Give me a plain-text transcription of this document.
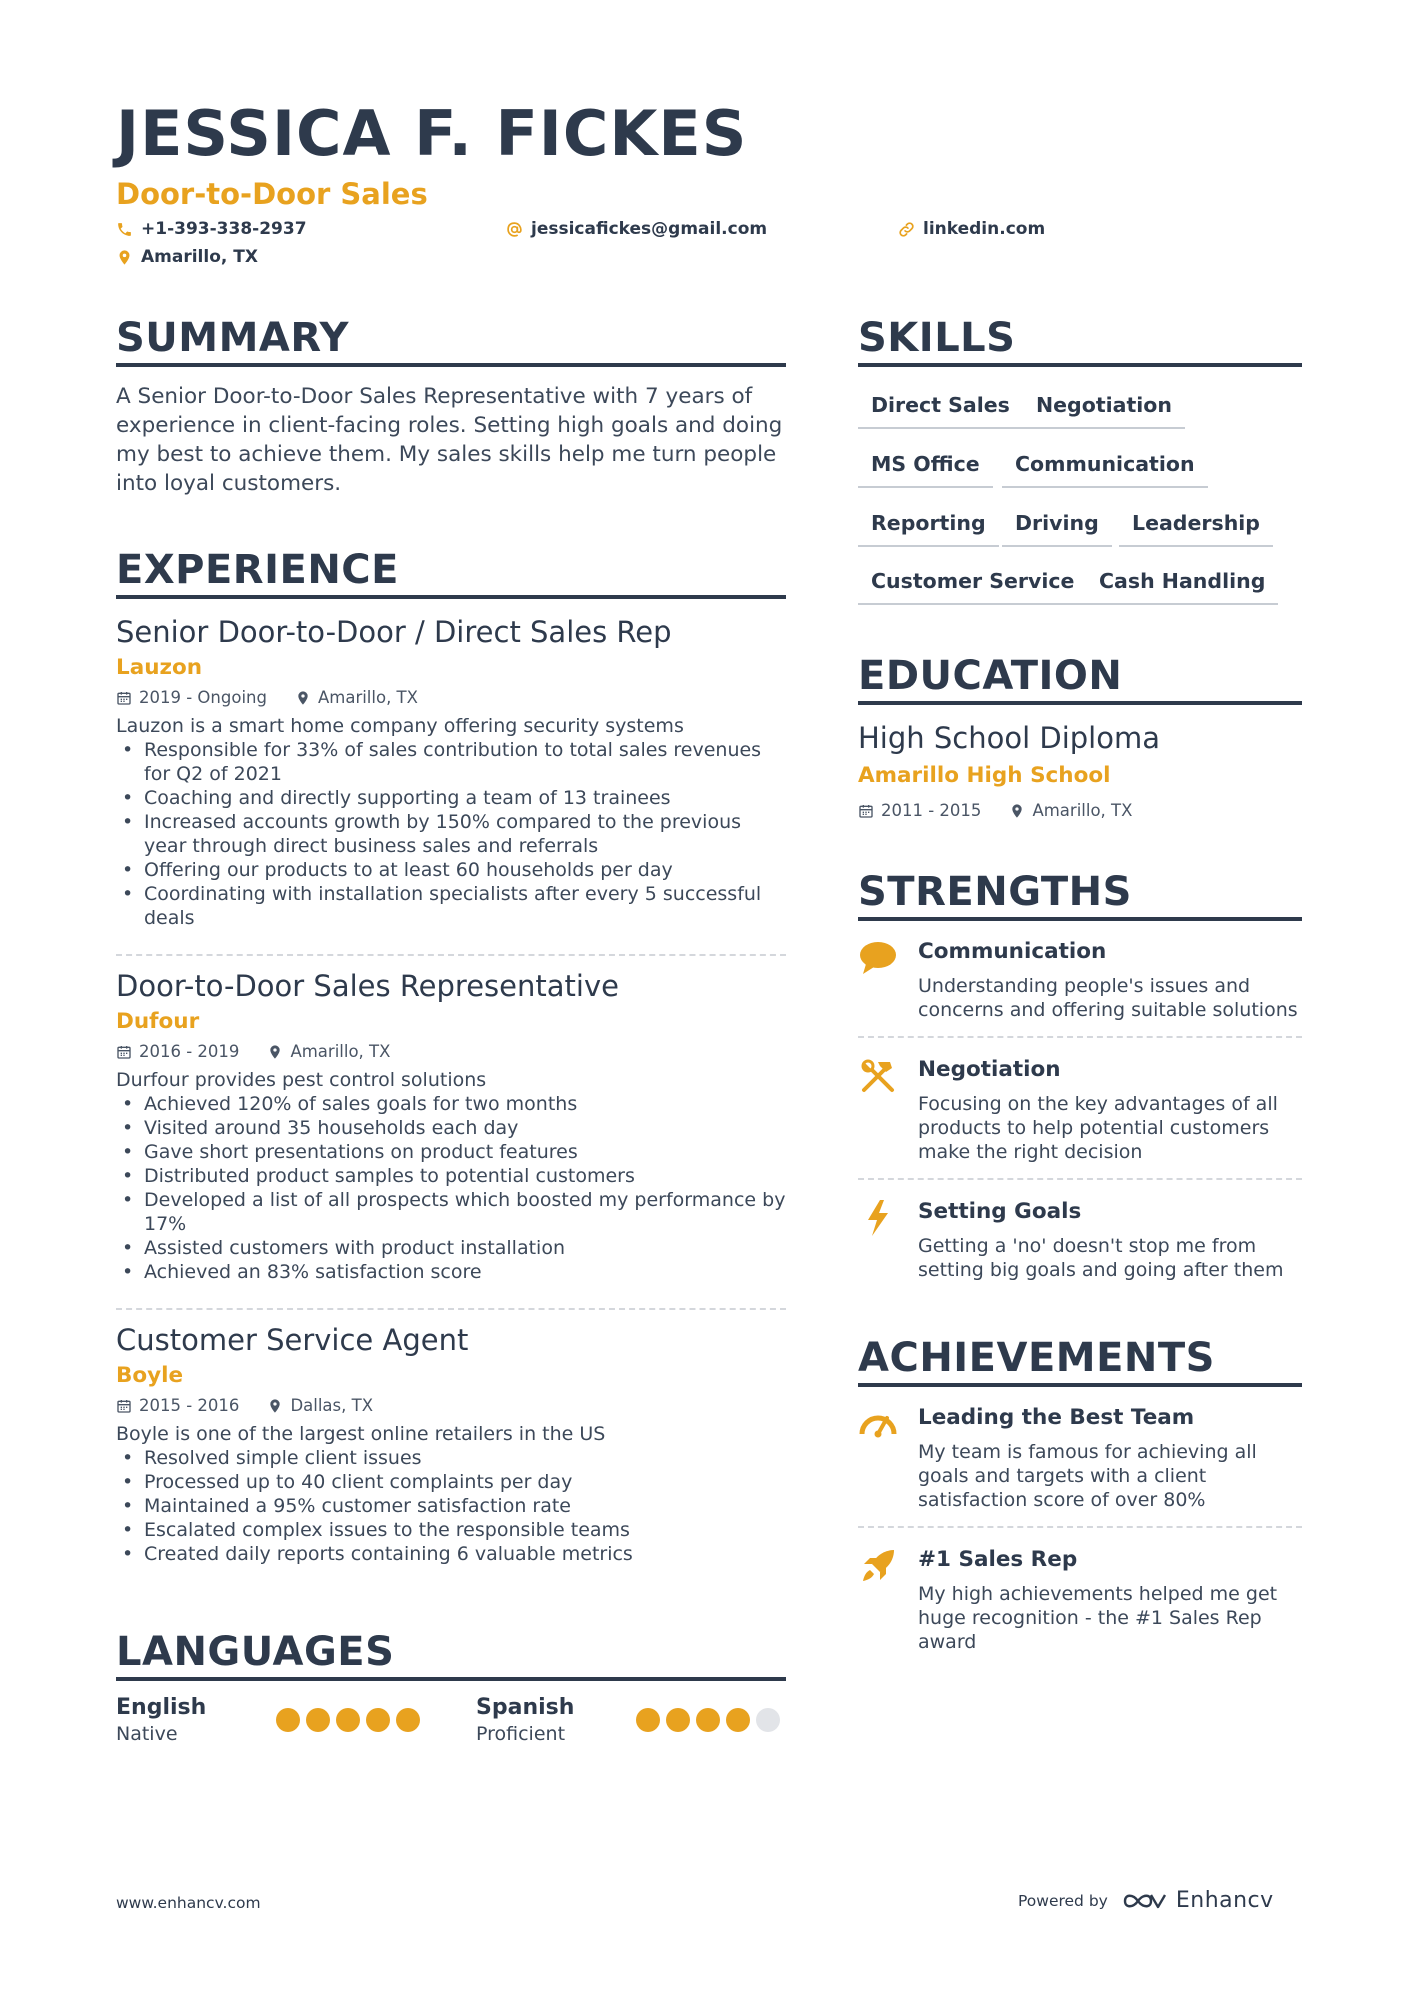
JESSICA F. FICKES
Door-to-Door Sales
+1-393-338-2937	jessicafickes@gmail.com	linkedin.com
Amarillo, TX
SUMMARY
A Senior Door-to-Door Sales Representative with 7 years of experience in client-facing roles. Setting high goals and doing my best to achieve them. My sales skills help me turn people into loyal customers.
EXPERIENCE
Senior Door-to-Door / Direct Sales Rep
Lauzon
2019 - Ongoing	Amarillo, TX
Lauzon is a smart home company offering security systems
• Responsible for 33% of sales contribution to total sales revenues for Q2 of 2021
• Coaching and directly supporting a team of 13 trainees
• Increased accounts growth by 150% compared to the previous year through direct business sales and referrals
• Offering our products to at least 60 households per day
• Coordinating with installation specialists after every 5 successful deals
Door-to-Door Sales Representative
Dufour
2016 - 2019	Amarillo, TX
Durfour provides pest control solutions
• Achieved 120% of sales goals for two months
• Visited around 35 households each day
• Gave short presentations on product features
• Distributed product samples to potential customers
• Developed a list of all prospects which boosted my performance by 17%
• Assisted customers with product installation
• Achieved an 83% satisfaction score
Customer Service Agent
Boyle
2015 - 2016	Dallas, TX
Boyle is one of the largest online retailers in the US
• Resolved simple client issues
• Processed up to 40 client complaints per day
• Maintained a 95% customer satisfaction rate
• Escalated complex issues to the responsible teams
• Created daily reports containing 6 valuable metrics
LANGUAGES
English
Native
Spanish
Proficient
SKILLS
Direct Sales	Negotiation
MS Office	Communication
Reporting	Driving	Leadership
Customer Service	Cash Handling
EDUCATION
High School Diploma
Amarillo High School
2011 - 2015	Amarillo, TX
STRENGTHS
Communication
Understanding people's issues and concerns and offering suitable solutions
Negotiation
Focusing on the key advantages of all products to help potential customers make the right decision
Setting Goals
Getting a 'no' doesn't stop me from setting big goals and going after them
ACHIEVEMENTS
Leading the Best Team
My team is famous for achieving all goals and targets with a client satisfaction score of over 80%
#1 Sales Rep
My high achievements helped me get huge recognition - the #1 Sales Rep award
www.enhancv.com	Powered by	Enhancv
